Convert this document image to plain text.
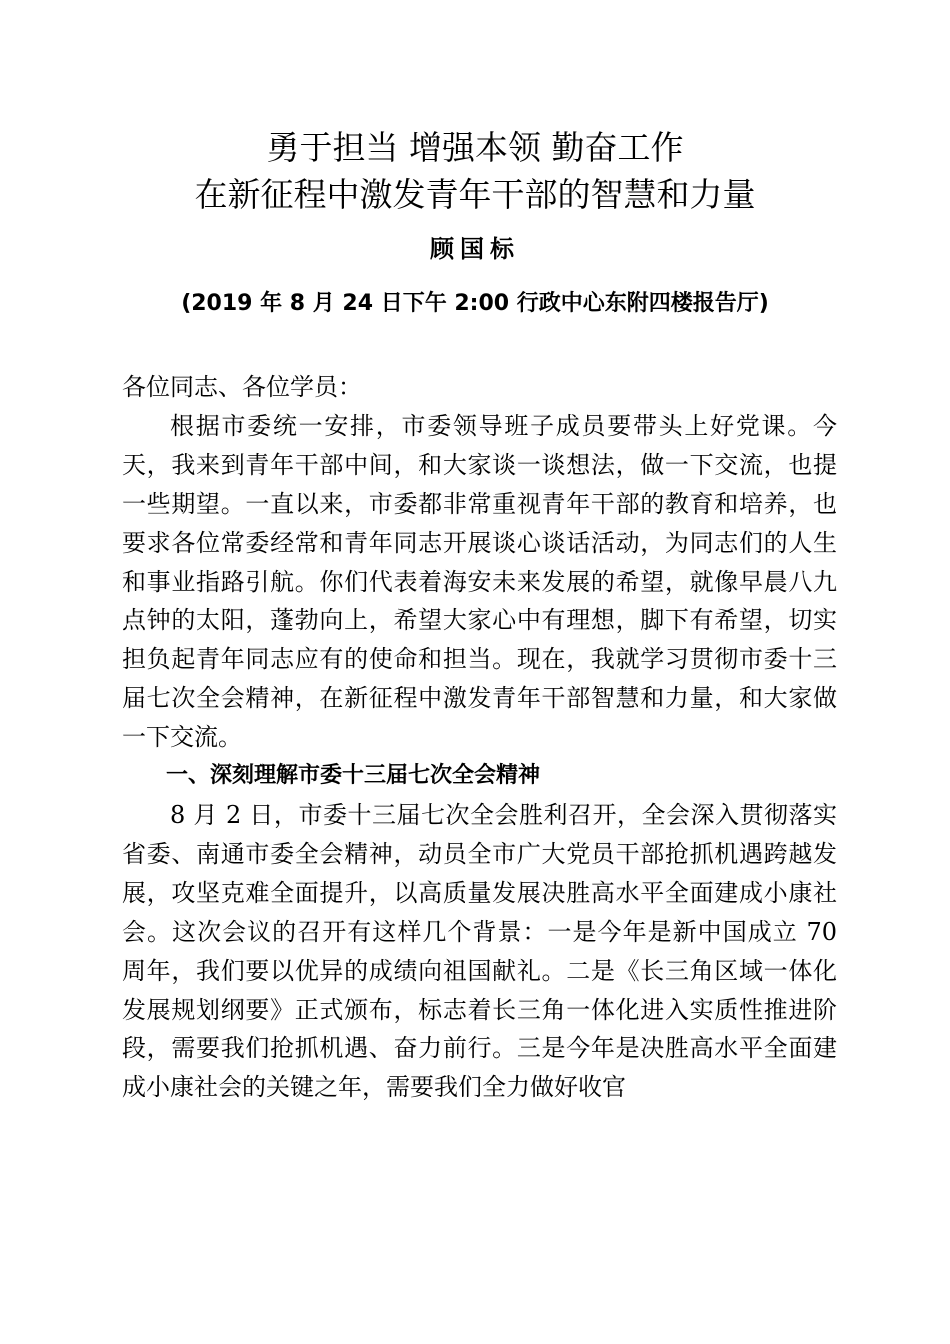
勇于担当 增强本领 勤奋工作
在新征程中激发青年干部的智慧和力量
顾国标
(2019 年 8 月 24 日下午 2:00 行政中心东附四楼报告厅)

各位同志、各位学员：

根据市委统一安排，市委领导班子成员要带头上好党课。今天，我来到青年干部中间，和大家谈一谈想法，做一下交流，也提一些期望。一直以来，市委都非常重视青年干部的教育和培养，也要求各位常委经常和青年同志开展谈心谈话活动，为同志们的人生和事业指路引航。你们代表着海安未来发展的希望，就像早晨八九点钟的太阳，蓬勃向上，希望大家心中有理想，脚下有希望，切实担负起青年同志应有的使命和担当。现在，我就学习贯彻市委十三届七次全会精神，在新征程中激发青年干部智慧和力量，和大家做一下交流。

一、深刻理解市委十三届七次全会精神

8 月 2 日，市委十三届七次全会胜利召开，全会深入贯彻落实省委、南通市委全会精神，动员全市广大党员干部抢抓机遇跨越发展，攻坚克难全面提升，以高质量发展决胜高水平全面建成小康社会。这次会议的召开有这样几个背景：一是今年是新中国成立 70 周年，我们要以优异的成绩向祖国献礼。二是《长三角区域一体化发展规划纲要》正式颁布，标志着长三角一体化进入实质性推进阶段，需要我们抢抓机遇、奋力前行。三是今年是决胜高水平全面建成小康社会的关键之年，需要我们全力做好收官
